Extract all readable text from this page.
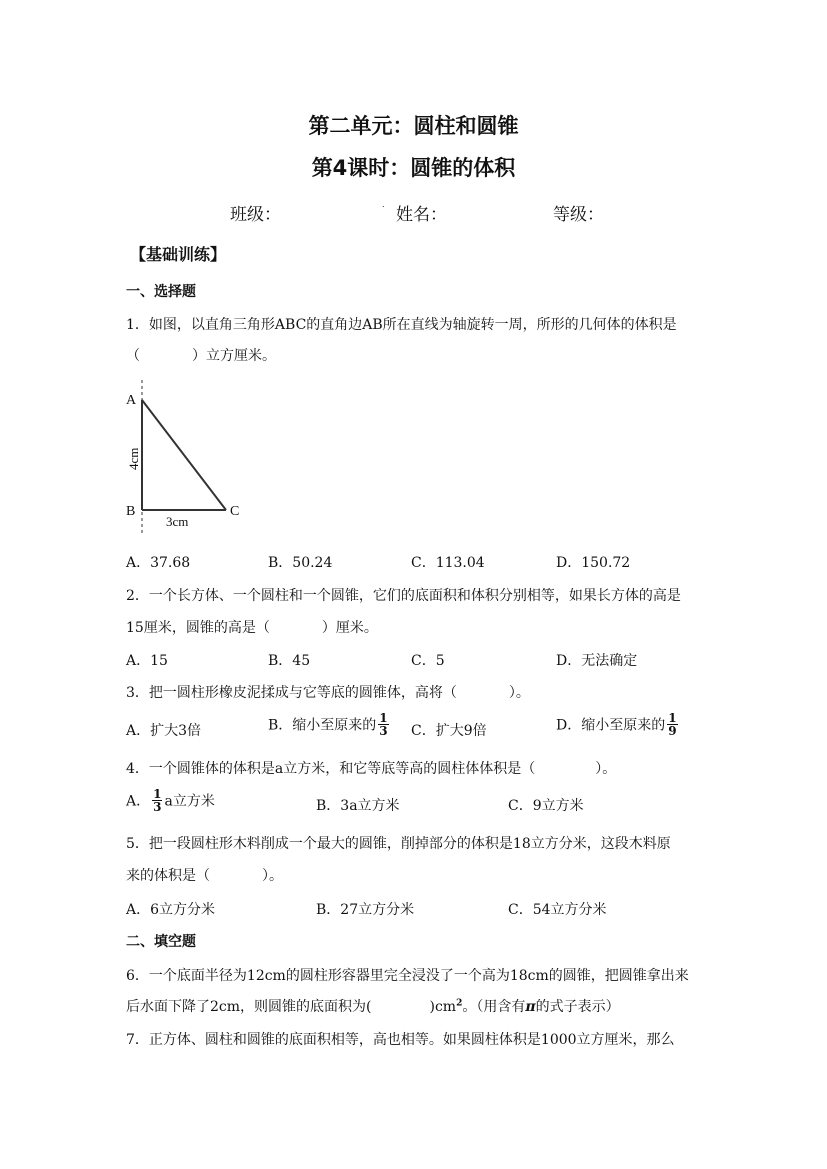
第二单元：圆柱和圆锥
第4课时：圆锥的体积
班级：
.
姓名：	等级：
【基础训练】
一、选择题
1．如图，以直角三角形ABC的直角边AB所在直线为轴旋转一周，所形的几何体的体积是
（	）立方厘米。
A
B	C
4cm
3cm
A．37.68	B．50.24	C．113.04	D．150.72
2．一个长方体、一个圆柱和一个圆锥，它们的底面积和体积分别相等，如果长方体的高是
15厘米，圆锥的高是（	）厘米。
A．15	B．45	C．5	D．无法确定
3．把一圆柱形橡皮泥揉成与它等底的圆锥体，高将（	）。
A．扩大3倍	B．缩小至原来的 $\frac{1}{3}$ C．扩大9倍	D．缩小至原来的 $\frac{1}{9}$
4．一个圆锥体的体积是a立方米，和它等底等高的圆柱体体积是（	）。
A． $\frac{1}{3}$ a立方米	B．3a立方米	C．9立方米
5．把一段圆柱形木料削成一个最大的圆锥，削掉部分的体积是18立方分米，这段木料原
来的体积是（	）。
A．6立方分米	B．27立方分米	C．54立方分米
二、填空题
6．一个底面半径为12cm的圆柱形容器里完全浸没了一个高为18cm的圆锥，把圆锥拿出来
后水面下降了2cm，则圆锥的底面积为(	)$cm^2$。（用含有π的式子表示）
7．正方体、圆柱和圆锥的底面积相等，高也相等。如果圆柱体积是1000立方厘米，那么
